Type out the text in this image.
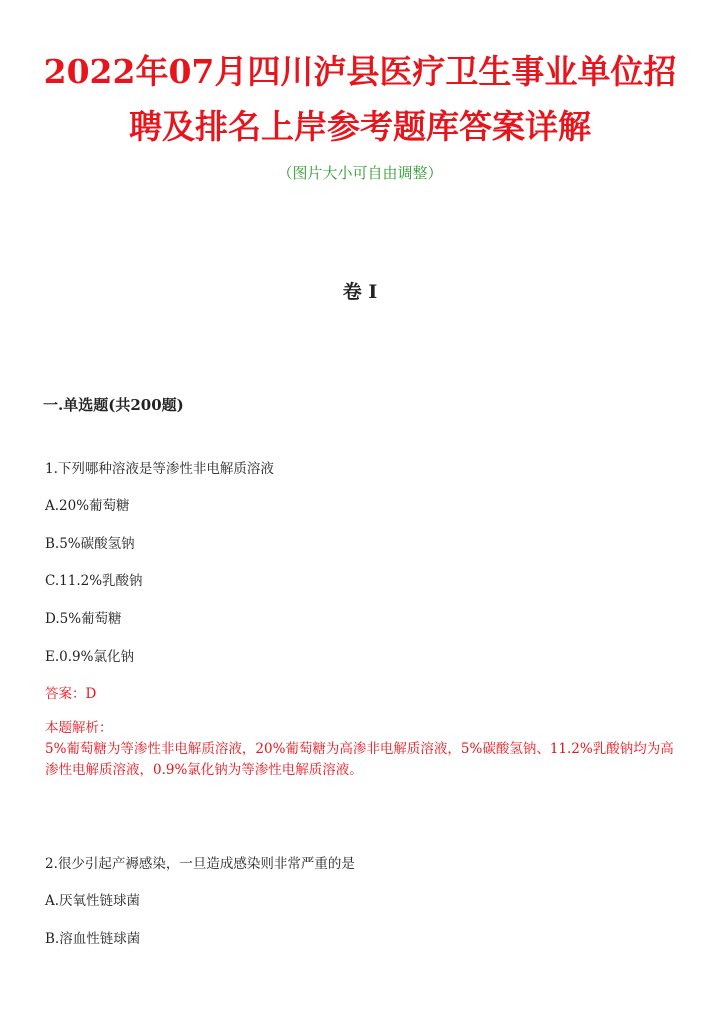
2022年07月四川泸县医疗卫生事业单位招
聘及排名上岸参考题库答案详解
（图片大小可自由调整）
卷 I
一.单选题(共200题)
1.下列哪种溶液是等渗性非电解质溶液
A.20%葡萄糖
B.5%碳酸氢钠
C.11.2%乳酸钠
D.5%葡萄糖
E.0.9%氯化钠
答案：D
本题解析：
5%葡萄糖为等渗性非电解质溶液，20%葡萄糖为高渗非电解质溶液，5%碳酸氢钠、11.2%乳酸钠均为高
渗性电解质溶液，0.9%氯化钠为等渗性电解质溶液。
2.很少引起产褥感染，一旦造成感染则非常严重的是
A.厌氧性链球菌
B.溶血性链球菌
